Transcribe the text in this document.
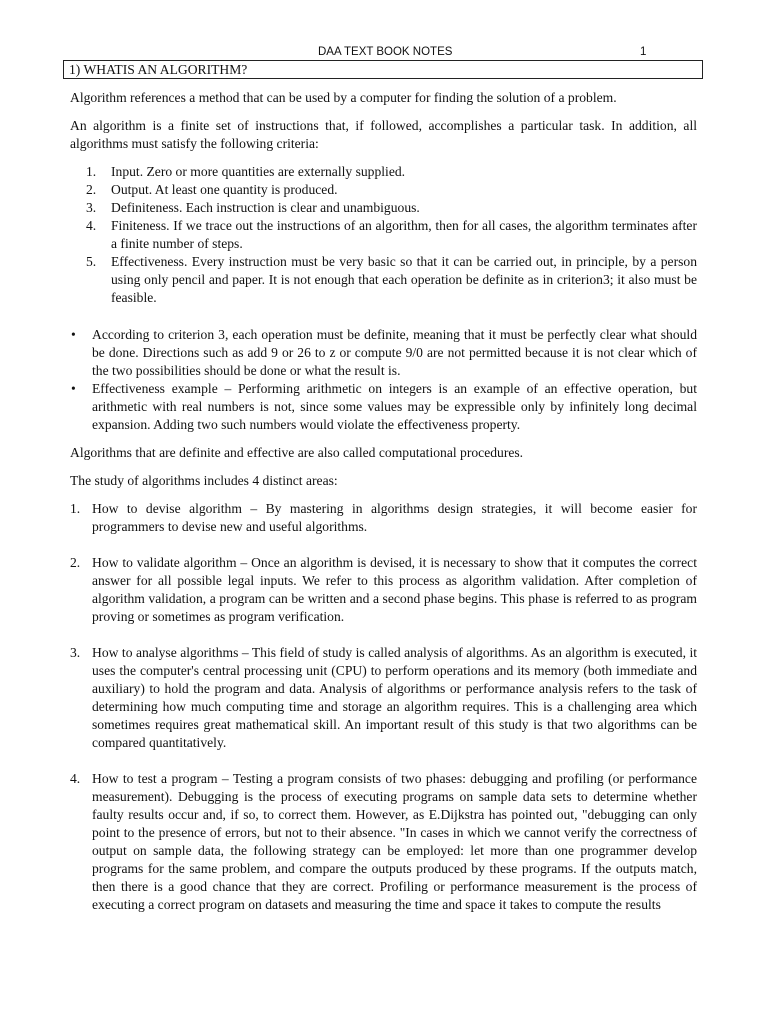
DAA TEXT BOOK NOTES	1
1) WHATIS AN ALGORITHM?

Algorithm references a method that can be used by a computer for finding the solution of a problem.

An algorithm is a finite set of instructions that, if followed, accomplishes a particular task. In addition, all algorithms must satisfy the following criteria:

1. Input. Zero or more quantities are externally supplied.
2. Output. At least one quantity is produced.
3. Definiteness. Each instruction is clear and unambiguous.
4. Finiteness. If we trace out the instructions of an algorithm, then for all cases, the algorithm terminates after a finite number of steps.
5. Effectiveness. Every instruction must be very basic so that it can be carried out, in principle, by a person using only pencil and paper. It is not enough that each operation be definite as in criterion3; it also must be feasible.
• According to criterion 3, each operation must be definite, meaning that it must be perfectly clear what should be done. Directions such as add 9 or 26 to z or compute 9/0 are not permitted because it is not clear which of the two possibilities should be done or what the result is.
• Effectiveness example – Performing arithmetic on integers is an example of an effective operation, but arithmetic with real numbers is not, since some values may be expressible only by infinitely long decimal expansion. Adding two such numbers would violate the effectiveness property.

Algorithms that are definite and effective are also called computational procedures.

The study of algorithms includes 4 distinct areas:

1. How to devise algorithm – By mastering in algorithms design strategies, it will become easier for programmers to devise new and useful algorithms.
2. How to validate algorithm – Once an algorithm is devised, it is necessary to show that it computes the correct answer for all possible legal inputs. We refer to this process as algorithm validation. After completion of algorithm validation, a program can be written and a second phase begins. This phase is referred to as program proving or sometimes as program verification.
3. How to analyse algorithms – This field of study is called analysis of algorithms. As an algorithm is executed, it uses the computer's central processing unit (CPU) to perform operations and its memory (both immediate and auxiliary) to hold the program and data. Analysis of algorithms or performance analysis refers to the task of determining how much computing time and storage an algorithm requires. This is a challenging area which sometimes requires great mathematical skill. An important result of this study is that two algorithms can be compared quantitatively.
4. How to test a program – Testing a program consists of two phases: debugging and profiling (or performance measurement). Debugging is the process of executing programs on sample data sets to determine whether faulty results occur and, if so, to correct them. However, as E.Dijkstra has pointed out, "debugging can only point to the presence of errors, but not to their absence. "In cases in which we cannot verify the correctness of output on sample data, the following strategy can be employed: let more than one programmer develop programs for the same problem, and compare the outputs produced by these programs. If the outputs match, then there is a good chance that they are correct. Profiling or performance measurement is the process of executing a correct program on datasets and measuring the time and space it takes to compute the results
